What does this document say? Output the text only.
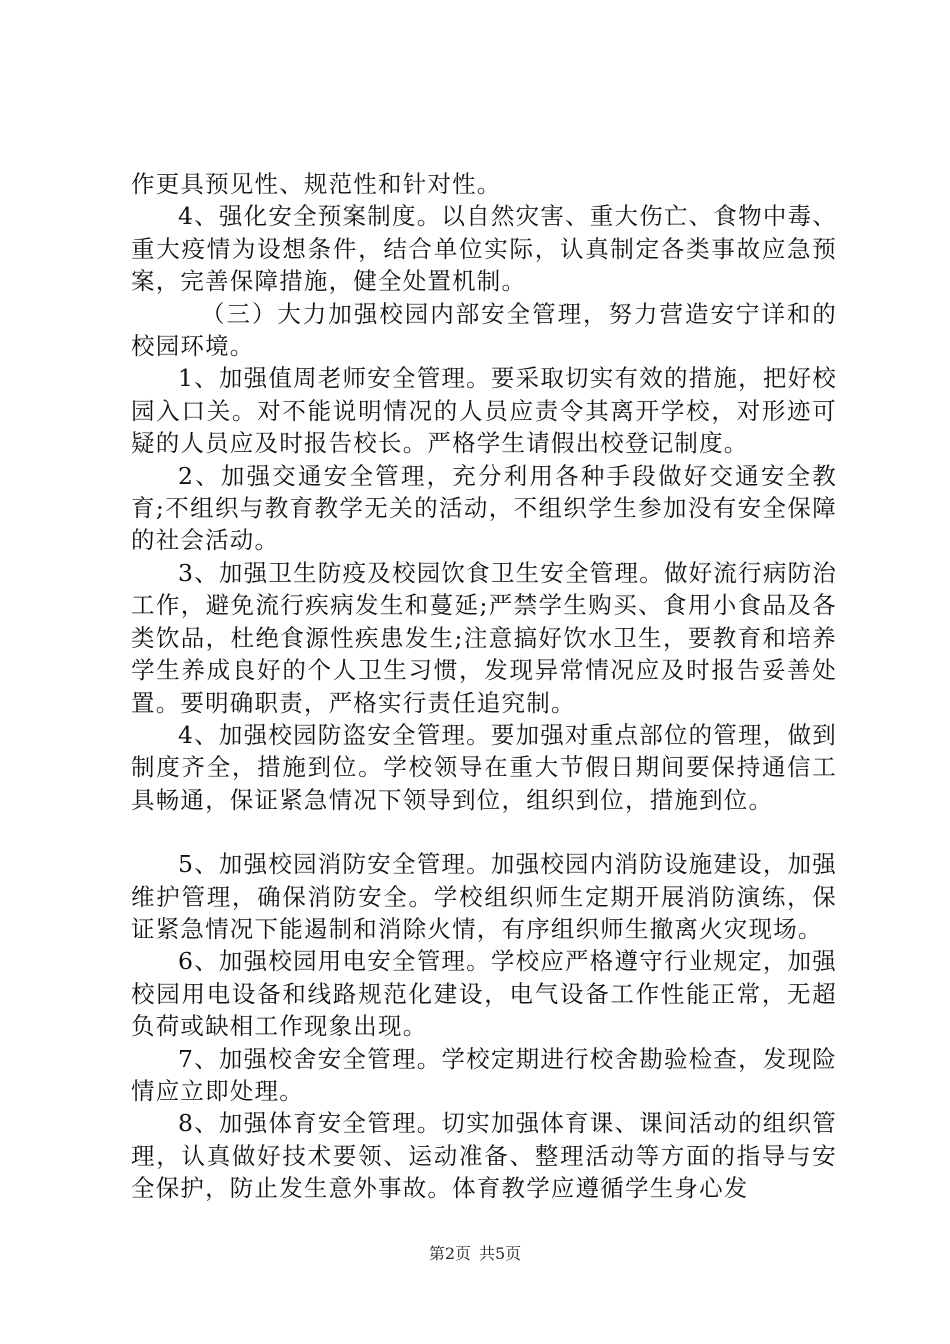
作更具预见性、规范性和针对性。

4、强化安全预案制度。以自然灾害、重大伤亡、食物中毒、重大疫情为设想条件，结合单位实际，认真制定各类事故应急预案，完善保障措施，健全处置机制。

（三）大力加强校园内部安全管理，努力营造安宁详和的校园环境。

1、加强值周老师安全管理。要采取切实有效的措施，把好校园入口关。对不能说明情况的人员应责令其离开学校，对形迹可疑的人员应及时报告校长。严格学生请假出校登记制度。

2、加强交通安全管理，充分利用各种手段做好交通安全教育;不组织与教育教学无关的活动，不组织学生参加没有安全保障的社会活动。

3、加强卫生防疫及校园饮食卫生安全管理。做好流行病防治工作，避免流行疾病发生和蔓延;严禁学生购买、食用小食品及各类饮品，杜绝食源性疾患发生;注意搞好饮水卫生，要教育和培养学生养成良好的个人卫生习惯，发现异常情况应及时报告妥善处置。要明确职责，严格实行责任追究制。

4、加强校园防盗安全管理。要加强对重点部位的管理，做到制度齐全，措施到位。学校领导在重大节假日期间要保持通信工具畅通，保证紧急情况下领导到位，组织到位，措施到位。

5、加强校园消防安全管理。加强校园内消防设施建设，加强维护管理，确保消防安全。学校组织师生定期开展消防演练，保证紧急情况下能遏制和消除火情，有序组织师生撤离火灾现场。

6、加强校园用电安全管理。学校应严格遵守行业规定，加强校园用电设备和线路规范化建设，电气设备工作性能正常，无超负荷或缺相工作现象出现。

7、加强校舍安全管理。学校定期进行校舍勘验检查，发现险情应立即处理。

8、加强体育安全管理。切实加强体育课、课间活动的组织管理，认真做好技术要领、运动准备、整理活动等方面的指导与安全保护，防止发生意外事故。体育教学应遵循学生身心发

第2页 共5页
